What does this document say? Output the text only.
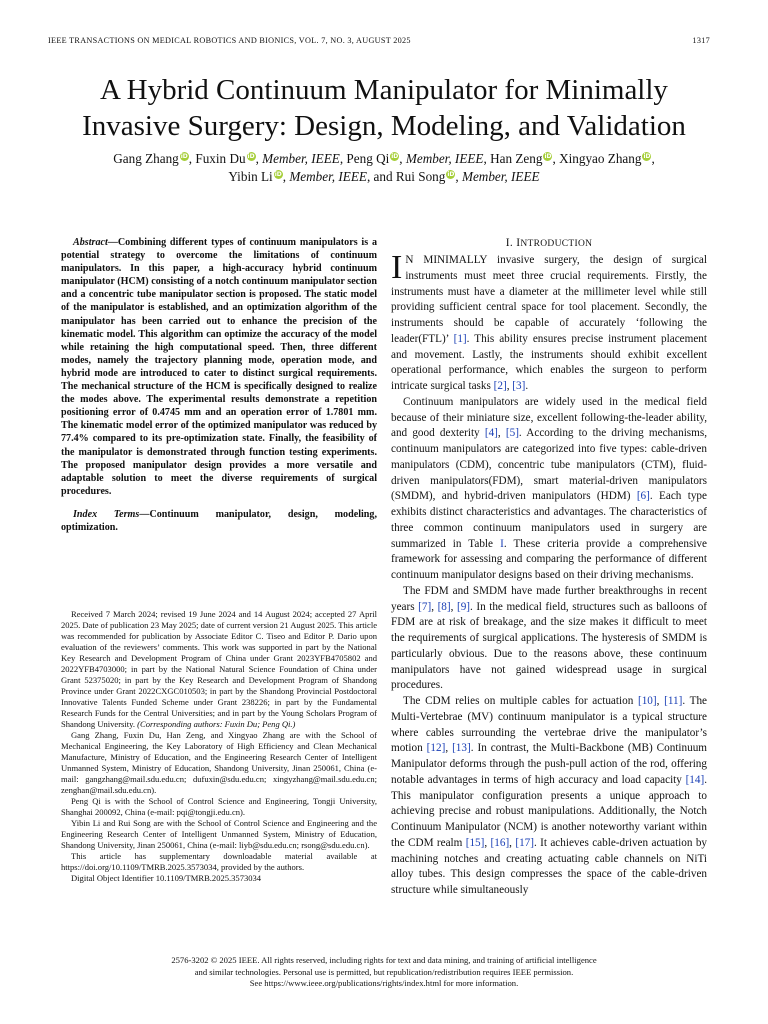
IEEE TRANSACTIONS ON MEDICAL ROBOTICS AND BIONICS, VOL. 7, NO. 3, AUGUST 2025	1317
A Hybrid Continuum Manipulator for Minimally
Invasive Surgery: Design, Modeling, and Validation
Gang Zhang iD, Fuxin Du iD, Member, IEEE, Peng Qi iD, Member, IEEE, Han Zeng iD, Xingyao Zhang iD,
Yibin Li iD, Member, IEEE, and Rui Song iD, Member, IEEE

Abstract—Combining different types of continuum manipulators is a potential strategy to overcome the limitations of continuum manipulators. In this paper, a high-accuracy hybrid continuum manipulator (HCM) consisting of a notch continuum manipulator section and a concentric tube manipulator section is proposed. The static model of the manipulator is established, and an optimization algorithm of the manipulator has been carried out to enhance the precision of the kinematic model. This algorithm can optimize the accuracy of the model while retaining the high computational speed. Then, three different modes, namely the trajectory planning mode, operation mode, and hybrid mode are introduced to cater to distinct surgical requirements. The mechanical structure of the HCM is specifically designed to realize the modes above. The experimental results demonstrate a repetition positioning error of 0.4745 mm and an operation error of 1.7801 mm. The kinematic model error of the optimized manipulator was reduced by 77.4% compared to its pre-optimization state. Finally, the feasibility of the manipulator is demonstrated through function testing experiments. The proposed manipulator design provides a more versatile and adaptable solution to meet the diverse requirements of surgical procedures.

Index Terms—Continuum manipulator, design, modeling, optimization.

Received 7 March 2024; revised 19 June 2024 and 14 August 2024; accepted 27 April 2025. Date of publication 23 May 2025; date of current version 21 August 2025. This article was recommended for publication by Associate Editor C. Tiseo and Editor P. Dario upon evaluation of the reviewers’ comments. This work was supported in part by the National Key Research and Development Program of China under Grant 2023YFB4705802 and 2022YFB4703000; in part by the National Natural Science Foundation of China under Grant 52375020; in part by the Key Research and Development Program of Shandong Province under Grant 2022CXGC010503; in part by the Shandong Provincial Postdoctoral Innovative Talents Funded Scheme under Grant 238226; in part by the Fundamental Research Funds for the Central Universities; and in part by the Young Scholars Program of Shandong University. (Corresponding authors: Fuxin Du; Peng Qi.)

Gang Zhang, Fuxin Du, Han Zeng, and Xingyao Zhang are with the School of Mechanical Engineering, the Key Laboratory of High Efficiency and Clean Mechanical Manufacture, Ministry of Education, and the Engineering Research Center of Intelligent Unmanned System, Ministry of Education, Shandong University, Jinan 250061, China (e-mail: gangzhang@mail.sdu.edu.cn; dufuxin@sdu.edu.cn; xingyzhang@mail.sdu.edu.cn; zenghan@mail.sdu.edu.cn).

Peng Qi is with the School of Control Science and Engineering, Tongji University, Shanghai 200092, China (e-mail: pqi@tongji.edu.cn).

Yibin Li and Rui Song are with the School of Control Science and Engineering and the Engineering Research Center of Intelligent Unmanned System, Ministry of Education, Shandong University, Jinan 250061, China (e-mail: liyb@sdu.edu.cn; rsong@sdu.edu.cn).

This article has supplementary downloadable material available at https://doi.org/10.1109/TMRB.2025.3573034, provided by the authors.

Digital Object Identifier 10.1109/TMRB.2025.3573034

I. INTRODUCTION

I N MINIMALLY invasive surgery, the design of surgical instruments must meet three crucial requirements. Firstly, the instruments must have a diameter at the millimeter level while still providing sufficient central space for tool placement. Secondly, the instruments should be capable of accurately ‘following the leader(FTL)’ [1]. This ability ensures precise instrument placement and movement. Lastly, the instruments should exhibit excellent operational performance, which enables the surgeon to perform intricate surgical tasks [2], [3].

Continuum manipulators are widely used in the medical field because of their miniature size, excellent following-the-leader ability, and good dexterity [4], [5]. According to the driving mechanisms, continuum manipulators are categorized into five types: cable-driven manipulators (CDM), concentric tube manipulators (CTM), fluid-driven manipulators(FDM), smart material-driven manipulators (SMDM), and hybrid-driven manipulators (HDM) [6]. Each type exhibits distinct characteristics and advantages. The characteristics of three common continuum manipulators used in surgery are summarized in Table I. These criteria provide a comprehensive framework for assessing and comparing the performance of different continuum manipulator designs based on their driving mechanisms.

The FDM and SMDM have made further breakthroughs in recent years [7], [8], [9]. In the medical field, structures such as balloons of FDM are at risk of breakage, and the size makes it difficult to meet the requirements of surgical applications. The hysteresis of SMDM is particularly obvious. Due to the reasons above, these continuum manipulators have not gained widespread usage in surgical procedures.

The CDM relies on multiple cables for actuation [10], [11]. The Multi-Vertebrae (MV) continuum manipulator is a typical structure where cables surrounding the vertebrae drive the manipulator’s motion [12], [13]. In contrast, the Multi-Backbone (MB) Continuum Manipulator deforms through the push-pull action of the rod, offering notable advantages in terms of high accuracy and load capacity [14]. This manipulator configuration presents a unique approach to achieving precise and robust manipulations. Additionally, the Notch Continuum Manipulator (NCM) is another noteworthy variant within the CDM realm [15], [16], [17]. It achieves cable-driven actuation by machining notches and creating actuating cable channels on NiTi alloy tubes. This design compresses the space of the cable-driven structure while simultaneously

2576-3202 © 2025 IEEE. All rights reserved, including rights for text and data mining, and training of artificial intelligence
and similar technologies. Personal use is permitted, but republication/redistribution requires IEEE permission.
See https://www.ieee.org/publications/rights/index.html for more information.
